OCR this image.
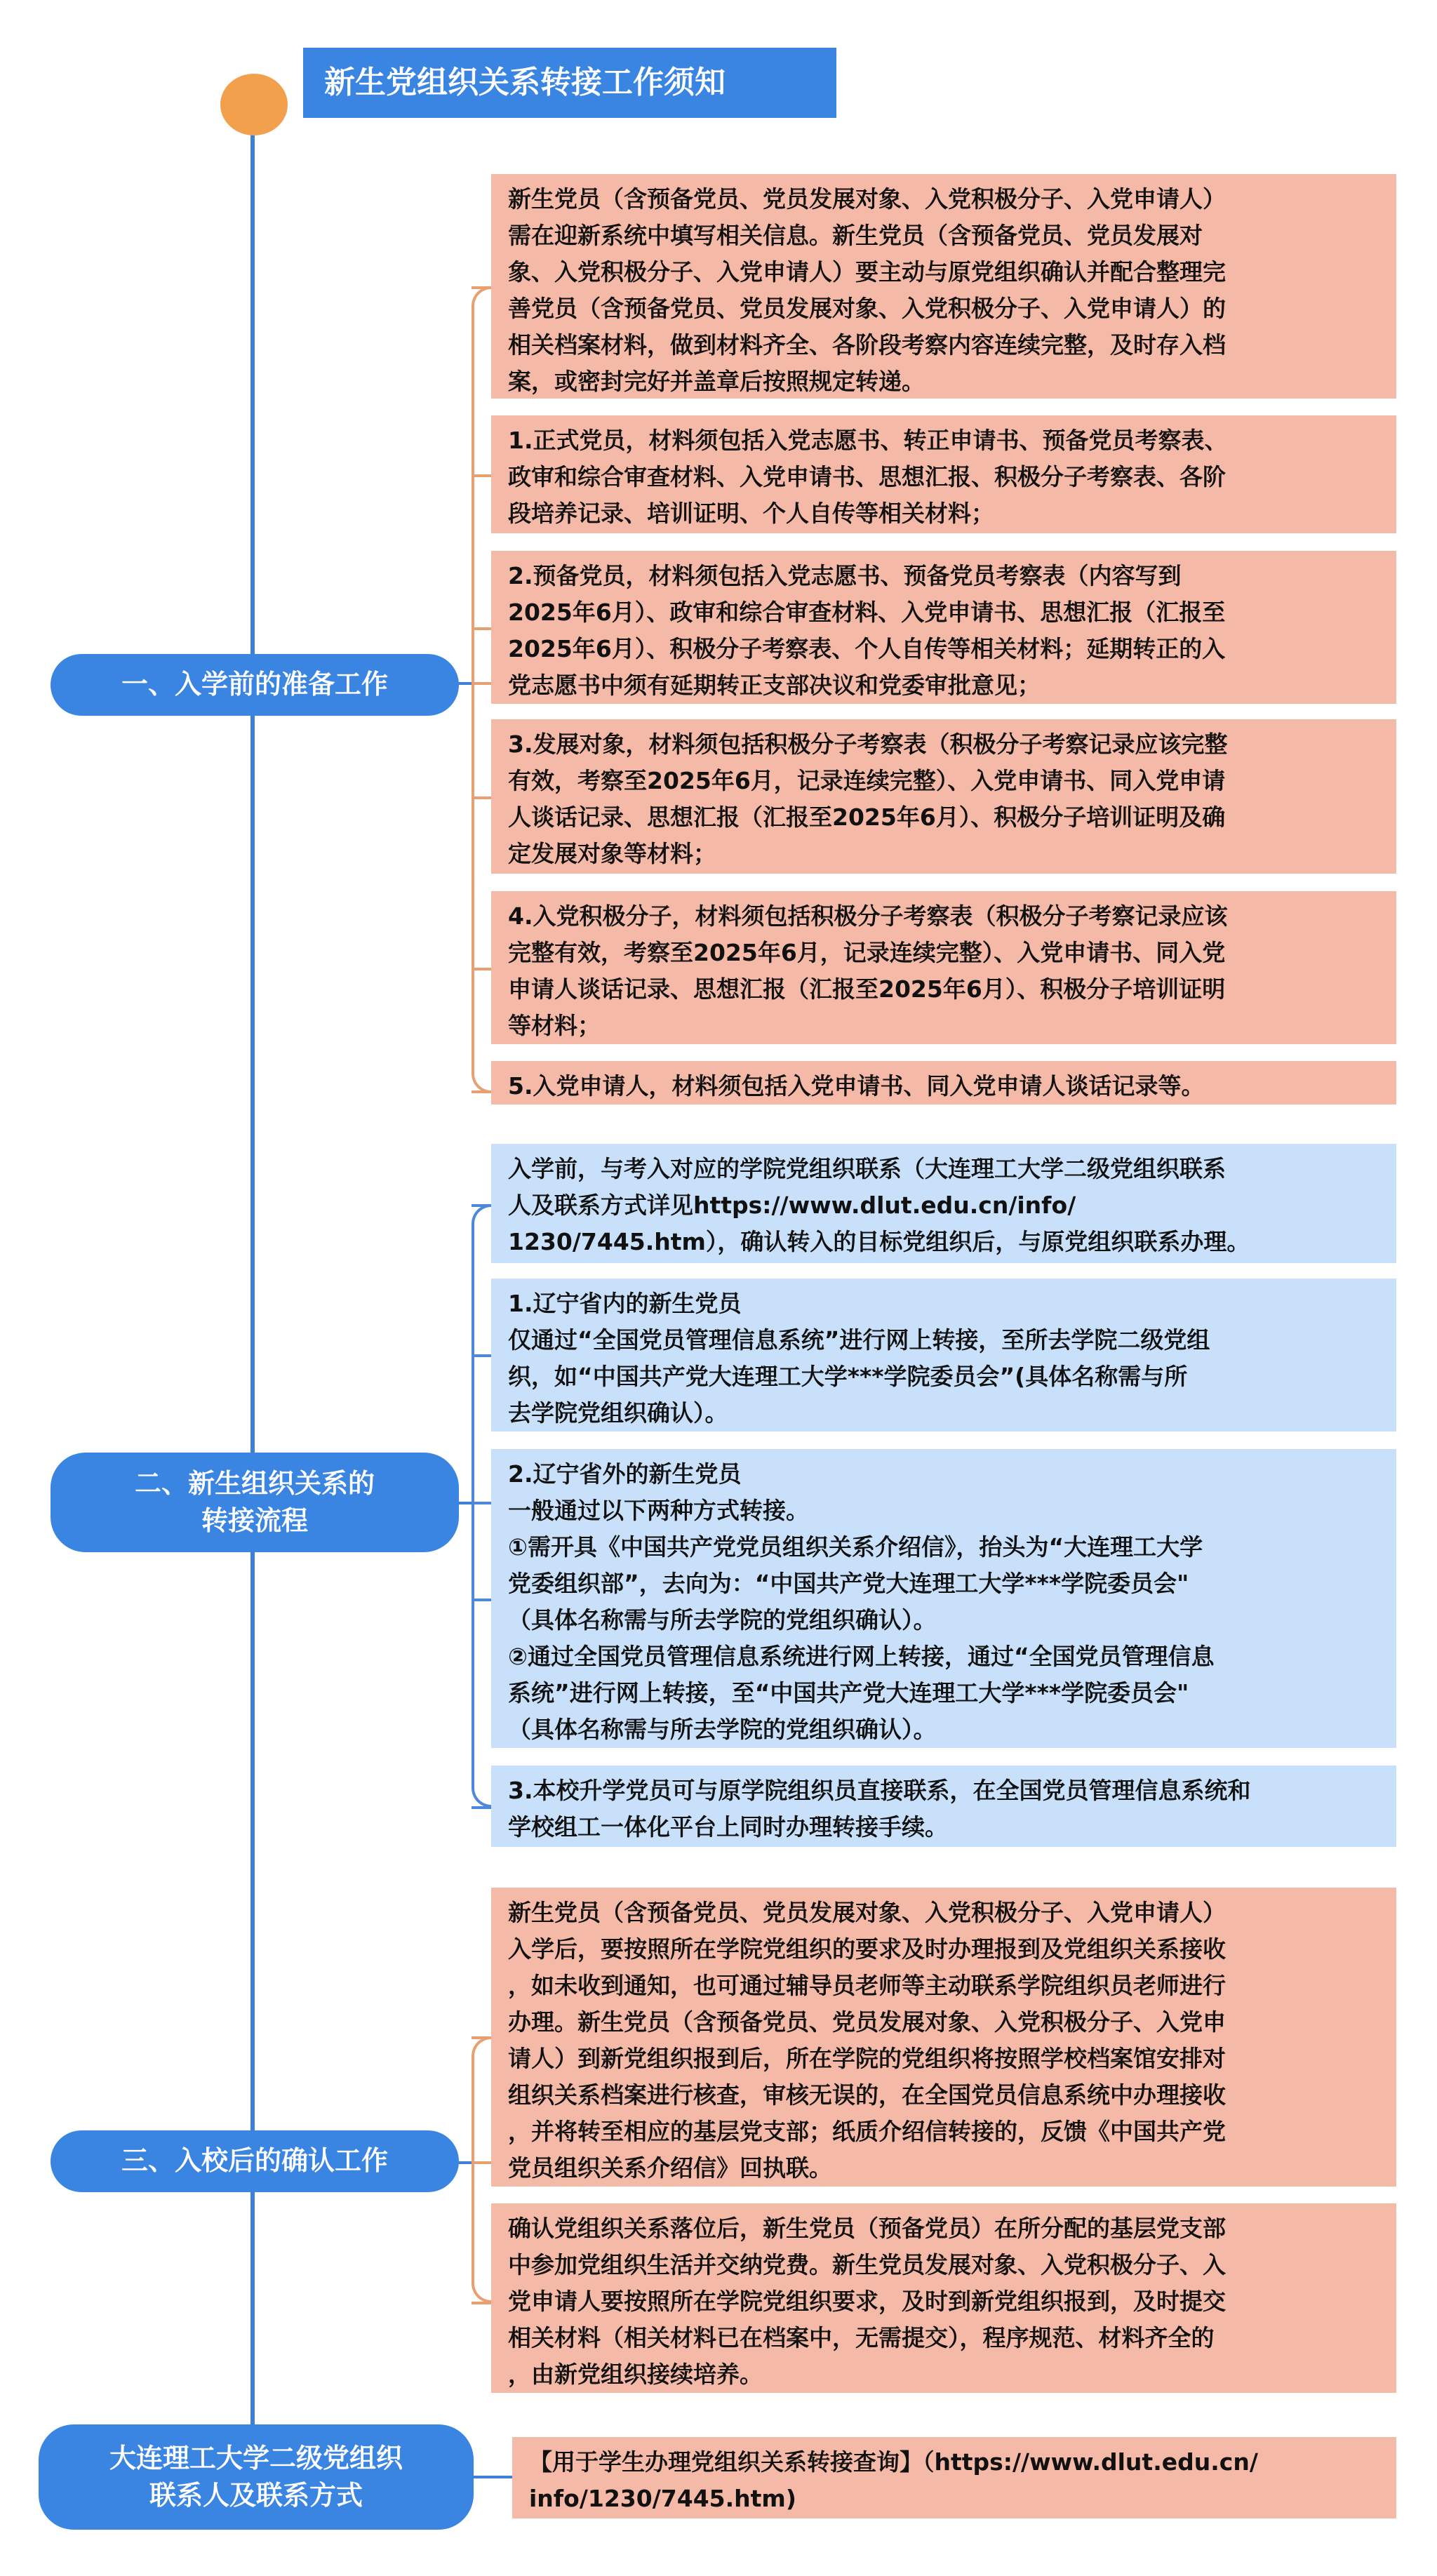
新生党组织关系转接工作须知
一、入学前的准备工作
新生党员（含预备党员、党员发展对象、入党积极分子、入党申请人）
需在迎新系统中填写相关信息。新生党员（含预备党员、党员发展对
象、入党积极分子、入党申请人）要主动与原党组织确认并配合整理完
善党员（含预备党员、党员发展对象、入党积极分子、入党申请人）的
相关档案材料，做到材料齐全、各阶段考察内容连续完整，及时存入档
案，或密封完好并盖章后按照规定转递。
1.正式党员，材料须包括入党志愿书、转正申请书、预备党员考察表、
政审和综合审查材料、入党申请书、思想汇报、积极分子考察表、各阶
段培养记录、培训证明、个人自传等相关材料；
2.预备党员，材料须包括入党志愿书、预备党员考察表（内容写到
2025年6月）、政审和综合审查材料、入党申请书、思想汇报（汇报至
2025年6月）、积极分子考察表、个人自传等相关材料；延期转正的入
党志愿书中须有延期转正支部决议和党委审批意见；
3.发展对象，材料须包括积极分子考察表（积极分子考察记录应该完整
有效，考察至2025年6月，记录连续完整）、入党申请书、同入党申请
人谈话记录、思想汇报（汇报至2025年6月）、积极分子培训证明及确
定发展对象等材料；
4.入党积极分子，材料须包括积极分子考察表（积极分子考察记录应该
完整有效，考察至2025年6月，记录连续完整）、入党申请书、同入党
申请人谈话记录、思想汇报（汇报至2025年6月）、积极分子培训证明
等材料；
5.入党申请人，材料须包括入党申请书、同入党申请人谈话记录等。
二、新生组织关系的
转接流程
入学前，与考入对应的学院党组织联系（大连理工大学二级党组织联系
人及联系方式详见https://www.dlut.edu.cn/info/
1230/7445.htm），确认转入的目标党组织后，与原党组织联系办理。
1.辽宁省内的新生党员
仅通过“全国党员管理信息系统”进行网上转接，至所去学院二级党组
织，如“中国共产党大连理工大学***学院委员会”(具体名称需与所
去学院党组织确认）。
2.辽宁省外的新生党员
一般通过以下两种方式转接。
①需开具《中国共产党党员组织关系介绍信》，抬头为“大连理工大学
党委组织部”，去向为：“中国共产党大连理工大学***学院委员会"
（具体名称需与所去学院的党组织确认）。
②通过全国党员管理信息系统进行网上转接，通过“全国党员管理信息
系统”进行网上转接，至“中国共产党大连理工大学***学院委员会"
（具体名称需与所去学院的党组织确认）。
3.本校升学党员可与原学院组织员直接联系，在全国党员管理信息系统和
学校组工一体化平台上同时办理转接手续。
三、入校后的确认工作
新生党员（含预备党员、党员发展对象、入党积极分子、入党申请人）
入学后，要按照所在学院党组织的要求及时办理报到及党组织关系接收
，如未收到通知，也可通过辅导员老师等主动联系学院组织员老师进行
办理。新生党员（含预备党员、党员发展对象、入党积极分子、入党申
请人）到新党组织报到后，所在学院的党组织将按照学校档案馆安排对
组织关系档案进行核查，审核无误的，在全国党员信息系统中办理接收
，并将转至相应的基层党支部；纸质介绍信转接的，反馈《中国共产党
党员组织关系介绍信》回执联。
确认党组织关系落位后，新生党员（预备党员）在所分配的基层党支部
中参加党组织生活并交纳党费。新生党员发展对象、入党积极分子、入
党申请人要按照所在学院党组织要求，及时到新党组织报到，及时提交
相关材料（相关材料已在档案中，无需提交），程序规范、材料齐全的
，由新党组织接续培养。
大连理工大学二级党组织
联系人及联系方式
【用于学生办理党组织关系转接查询】（https://www.dlut.edu.cn/
info/1230/7445.htm)
